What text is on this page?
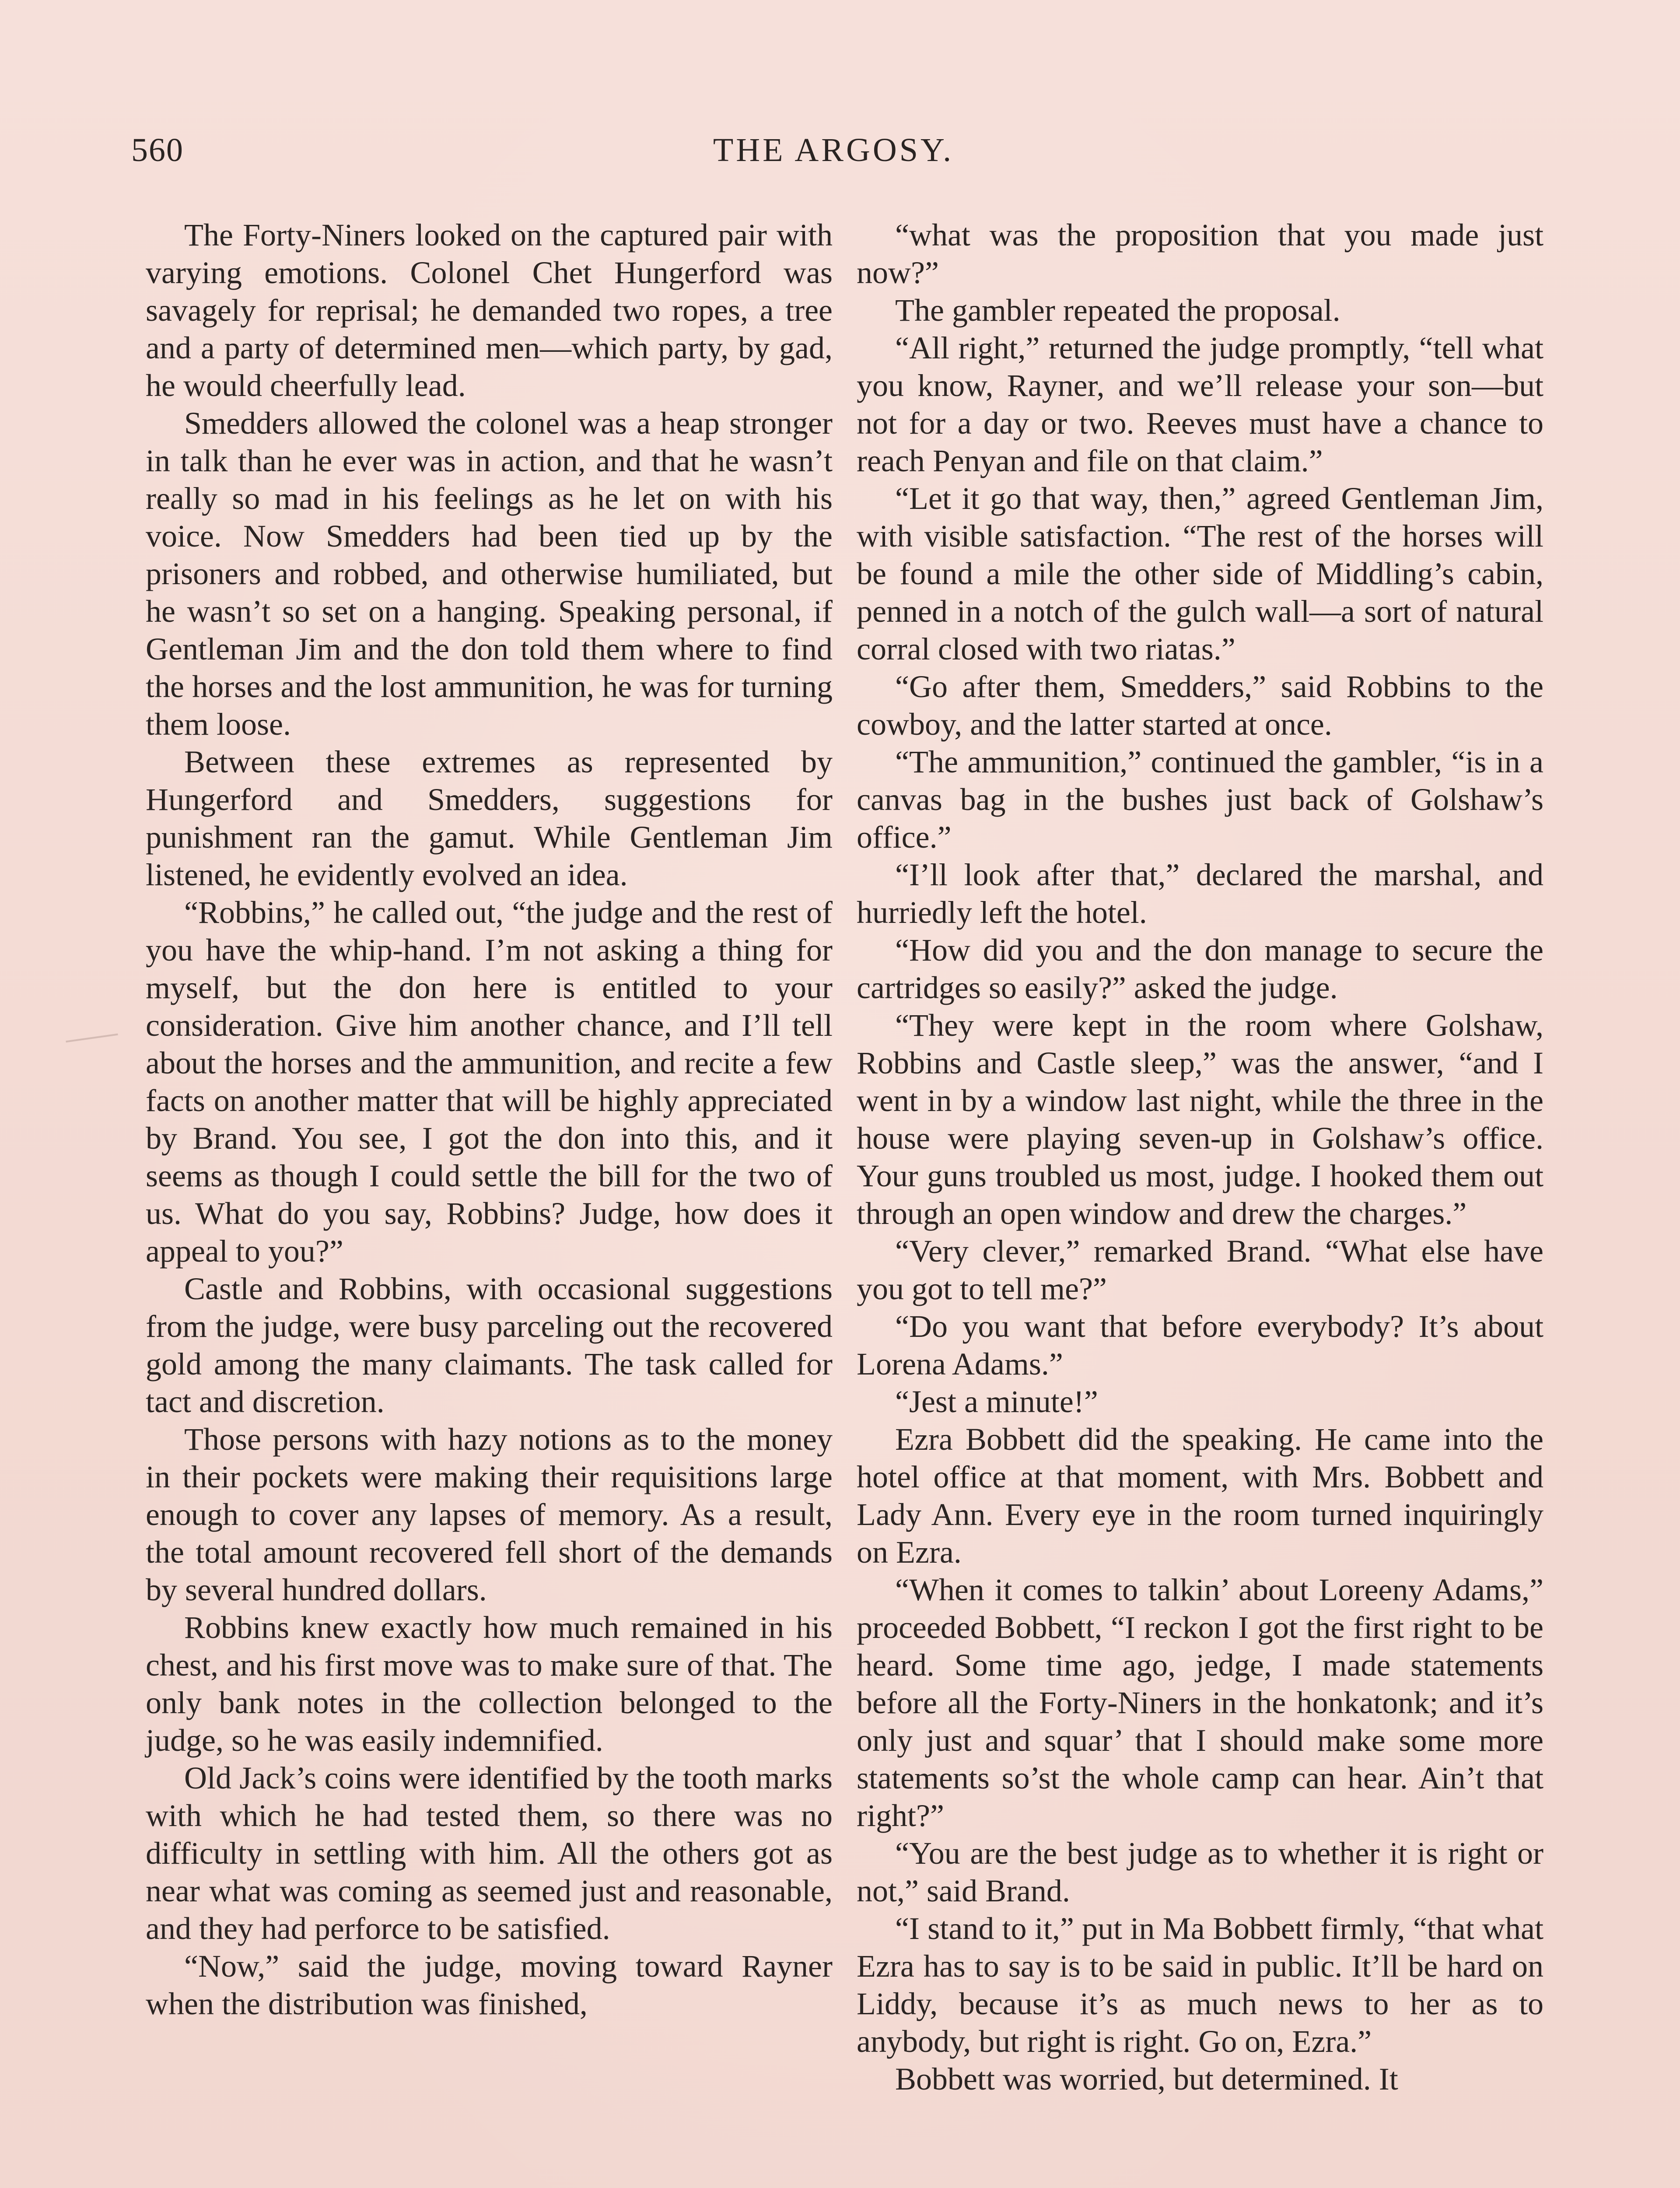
560	THE ARGOSY.

The Forty-Niners looked on the captured pair with varying emotions. Colonel Chet Hungerford was savagely for reprisal; he demanded two ropes, a tree and a party of determined men—which party, by gad, he would cheerfully lead.

Smedders allowed the colonel was a heap stronger in talk than he ever was in action, and that he wasn’t really so mad in his feelings as he let on with his voice. Now Smedders had been tied up by the prisoners and robbed, and otherwise humiliated, but he wasn’t so set on a hanging. Speaking personal, if Gentleman Jim and the don told them where to find the horses and the lost ammunition, he was for turning them loose.

Between these extremes as represented by Hungerford and Smedders, suggestions for punishment ran the gamut. While Gentleman Jim listened, he evidently evolved an idea.

“Robbins,” he called out, “the judge and the rest of you have the whip-hand. I’m not asking a thing for myself, but the don here is entitled to your consideration. Give him another chance, and I’ll tell about the horses and the ammunition, and recite a few facts on another matter that will be highly appreciated by Brand. You see, I got the don into this, and it seems as though I could settle the bill for the two of us. What do you say, Robbins? Judge, how does it appeal to you?”

Castle and Robbins, with occasional suggestions from the judge, were busy parceling out the recovered gold among the many claimants. The task called for tact and discretion.

Those persons with hazy notions as to the money in their pockets were making their requisitions large enough to cover any lapses of memory. As a result, the total amount recovered fell short of the demands by several hundred dollars.

Robbins knew exactly how much remained in his chest, and his first move was to make sure of that. The only bank notes in the collection belonged to the judge, so he was easily indemnified.

Old Jack’s coins were identified by the tooth marks with which he had tested them, so there was no difficulty in settling with him. All the others got as near what was coming as seemed just and reasonable, and they had perforce to be satisfied.

“Now,” said the judge, moving toward Rayner when the distribution was finished,

“what was the proposition that you made just now?”

The gambler repeated the proposal.

“All right,” returned the judge promptly, “tell what you know, Rayner, and we’ll release your son—but not for a day or two. Reeves must have a chance to reach Penyan and file on that claim.”

“Let it go that way, then,” agreed Gentleman Jim, with visible satisfaction. “The rest of the horses will be found a mile the other side of Middling’s cabin, penned in a notch of the gulch wall—a sort of natural corral closed with two riatas.”

“Go after them, Smedders,” said Robbins to the cowboy, and the latter started at once.

“The ammunition,” continued the gambler, “is in a canvas bag in the bushes just back of Golshaw’s office.”

“I’ll look after that,” declared the marshal, and hurriedly left the hotel.

“How did you and the don manage to secure the cartridges so easily?” asked the judge.

“They were kept in the room where Golshaw, Robbins and Castle sleep,” was the answer, “and I went in by a window last night, while the three in the house were playing seven-up in Golshaw’s office. Your guns troubled us most, judge. I hooked them out through an open window and drew the charges.”

“Very clever,” remarked Brand. “What else have you got to tell me?”

“Do you want that before everybody? It’s about Lorena Adams.”

“Jest a minute!”

Ezra Bobbett did the speaking. He came into the hotel office at that moment, with Mrs. Bobbett and Lady Ann. Every eye in the room turned inquiringly on Ezra.

“When it comes to talkin’ about Loreeny Adams,” proceeded Bobbett, “I reckon I got the first right to be heard. Some time ago, jedge, I made statements before all the Forty-Niners in the honkatonk; and it’s only just and squar’ that I should make some more statements so’st the whole camp can hear. Ain’t that right?”

“You are the best judge as to whether it is right or not,” said Brand.

“I stand to it,” put in Ma Bobbett firmly, “that what Ezra has to say is to be said in public. It’ll be hard on Liddy, because it’s as much news to her as to anybody, but right is right. Go on, Ezra.”

Bobbett was worried, but determined. It
